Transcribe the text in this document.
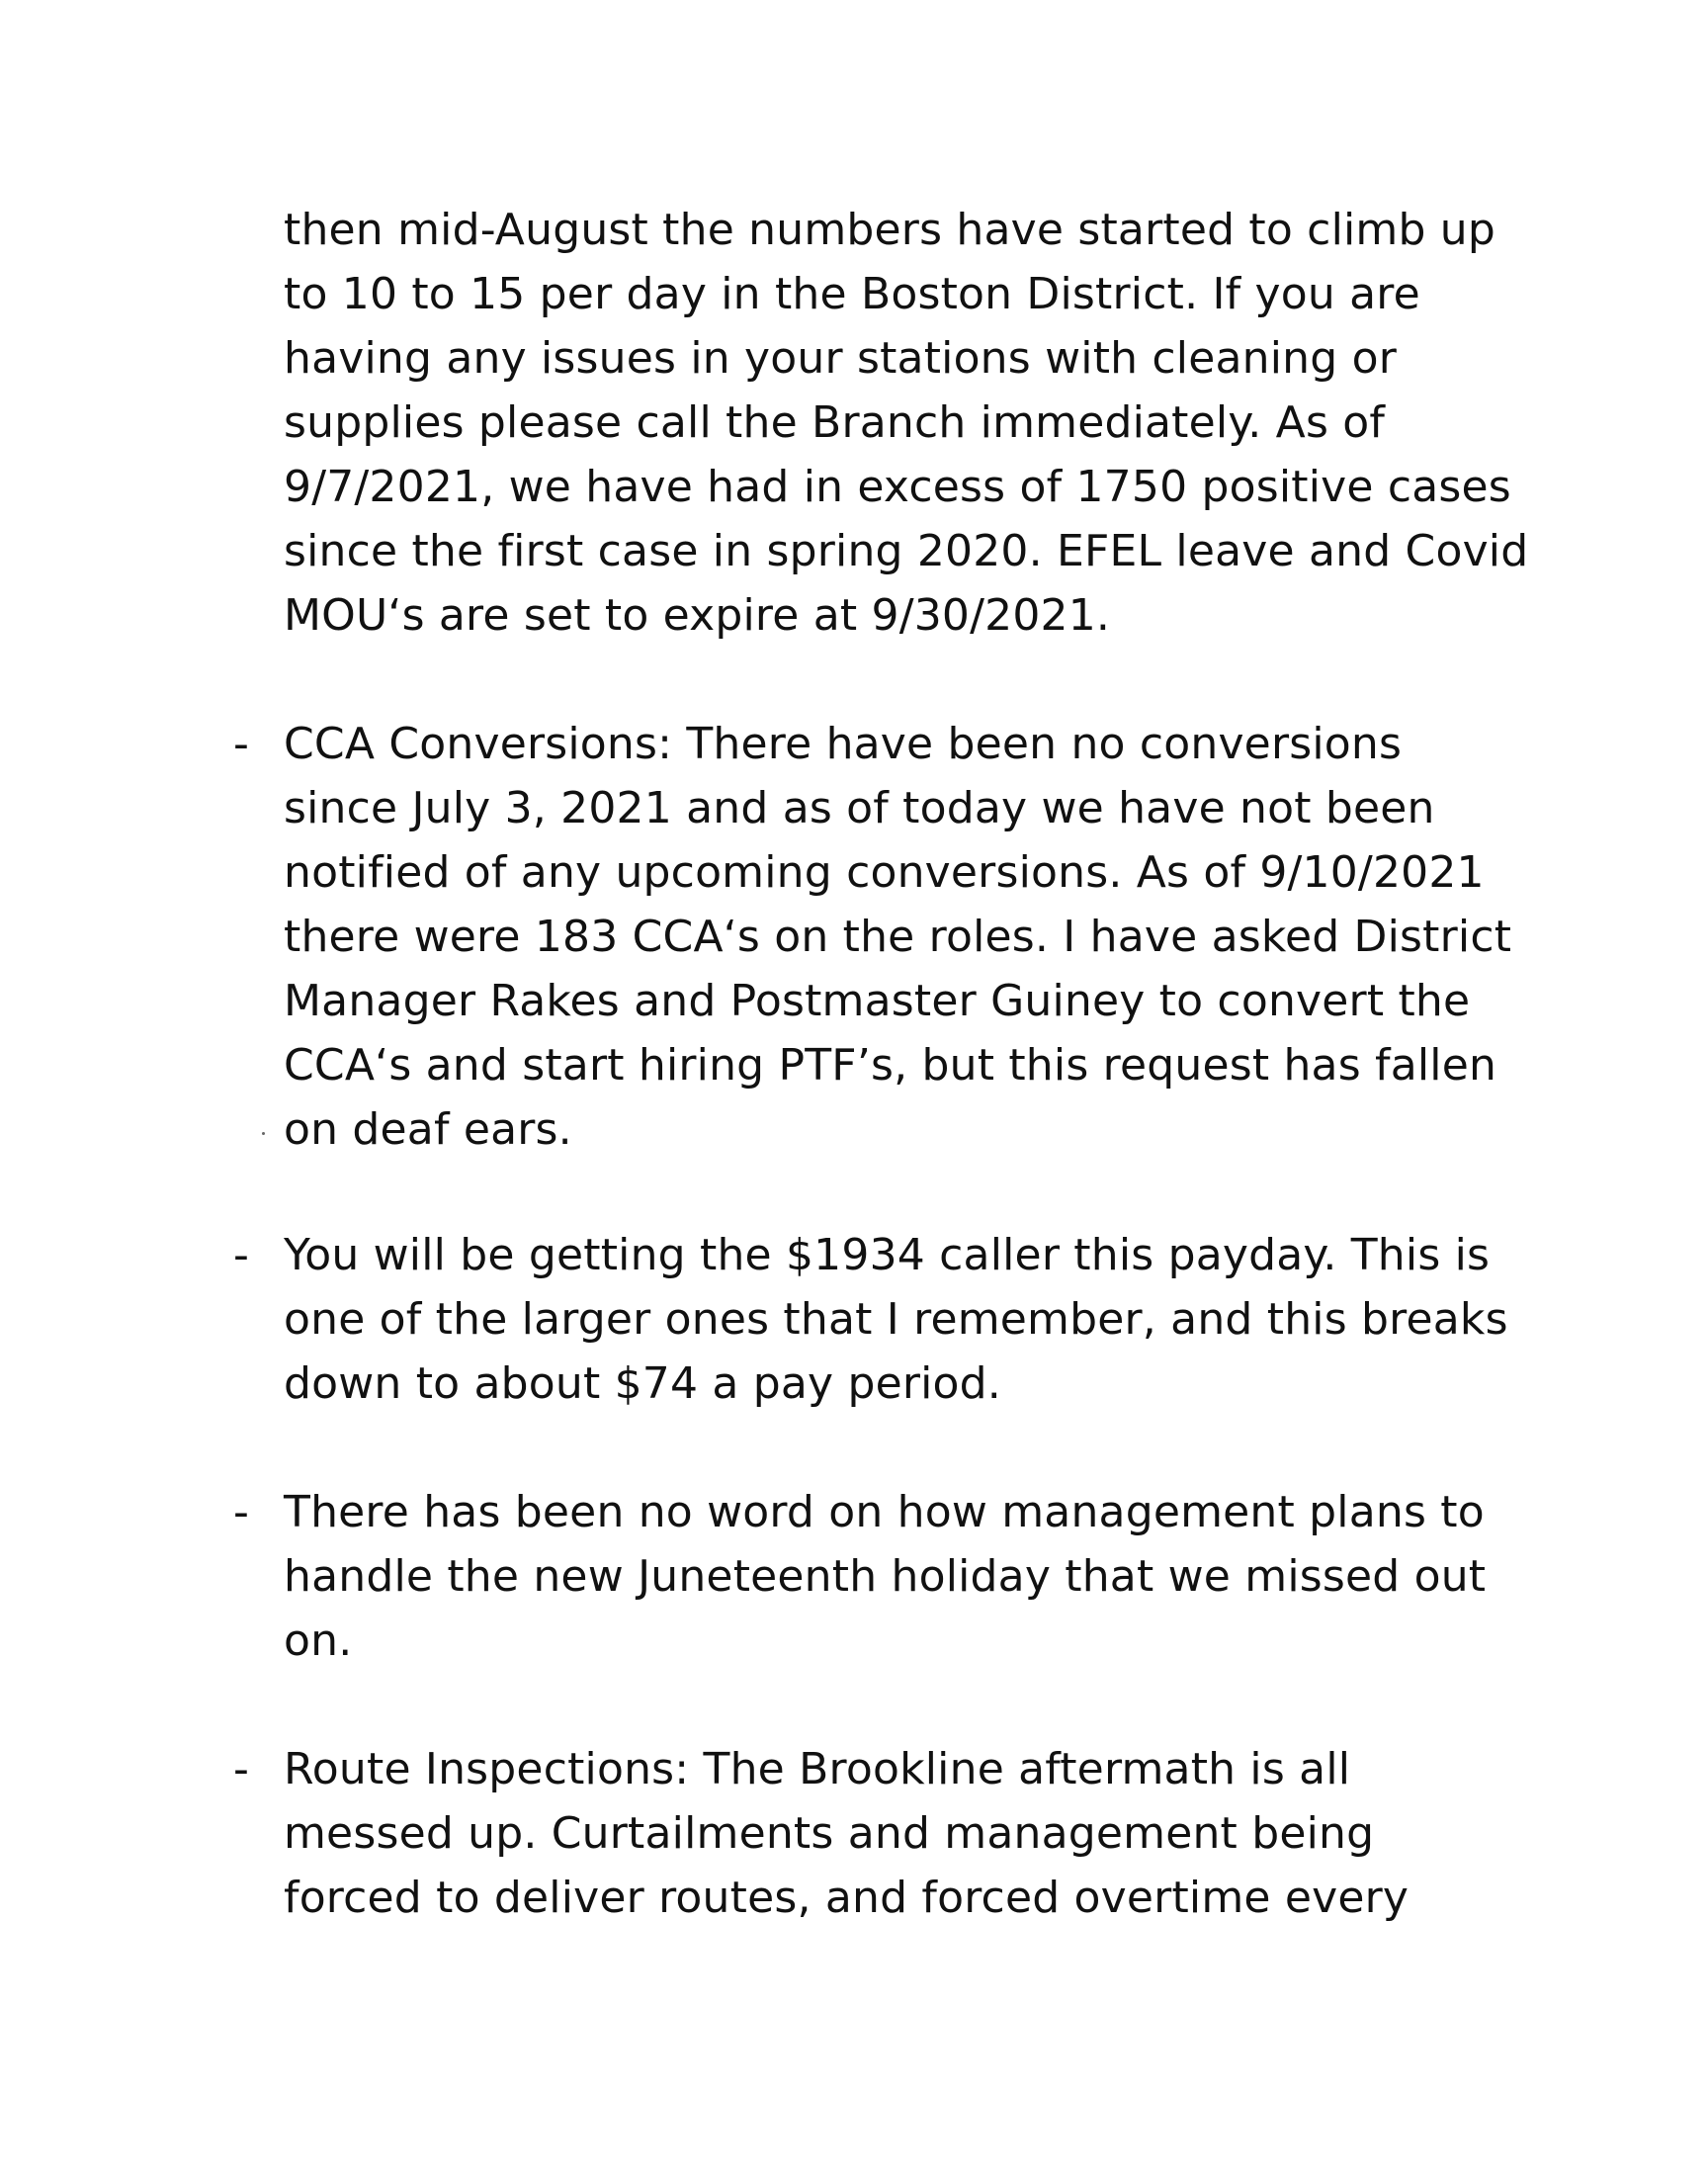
then mid-August the numbers have started to climb up
to 10 to 15 per day in the Boston District. If you are
having any issues in your stations with cleaning or
supplies please call the Branch immediately. As of
9/7/2021, we have had in excess of 1750 positive cases
since the first case in spring 2020. EFEL leave and Covid
MOU‘s are set to expire at 9/30/2021.
- CCA Conversions: There have been no conversions
since July 3, 2021 and as of today we have not been
notified of any upcoming conversions. As of 9/10/2021
there were 183 CCA‘s on the roles. I have asked District
Manager Rakes and Postmaster Guiney to convert the
CCA‘s and start hiring PTF’s, but this request has fallen
on deaf ears.
- You will be getting the $1934 caller this payday. This is
one of the larger ones that I remember, and this breaks
down to about $74 a pay period.
- There has been no word on how management plans to
handle the new Juneteenth holiday that we missed out
on.
- Route Inspections: The Brookline aftermath is all
messed up. Curtailments and management being
forced to deliver routes, and forced overtime every
